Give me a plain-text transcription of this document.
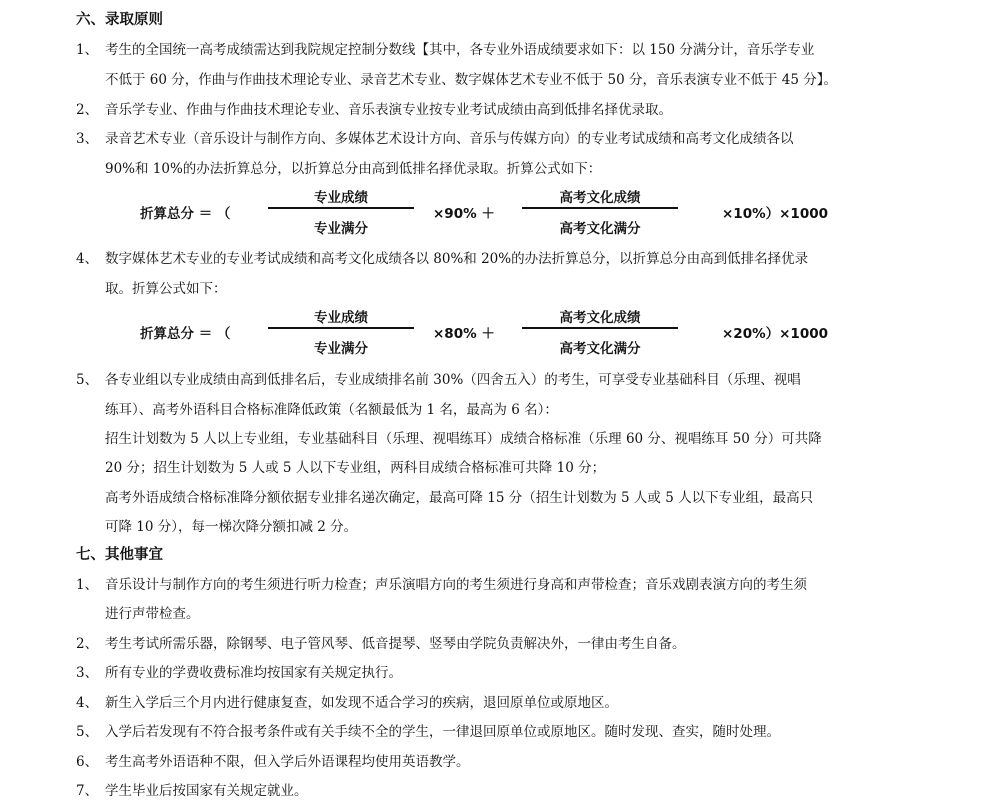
六、录取原则
1、 考生的全国统一高考成绩需达到我院规定控制分数线【其中，各专业外语成绩要求如下：以 150 分满分计，音乐学专业
不低于 60 分，作曲与作曲技术理论专业、录音艺术专业、数字媒体艺术专业不低于 50 分，音乐表演专业不低于 45 分】。
2、 音乐学专业、作曲与作曲技术理论专业、音乐表演专业按专业考试成绩由高到低排名择优录取。
3、 录音艺术专业（音乐设计与制作方向、多媒体艺术设计方向、音乐与传媒方向）的专业考试成绩和高考文化成绩各以
90%和 10%的办法折算总分，以折算总分由高到低排名择优录取。折算公式如下：
折算总分 ＝ （
专业成绩
专业满分
×90% ＋
高考文化成绩
高考文化满分
×10%）×1000
4、 数字媒体艺术专业的专业考试成绩和高考文化成绩各以 80%和 20%的办法折算总分，以折算总分由高到低排名择优录
取。折算公式如下：
折算总分 ＝ （
专业成绩
专业满分
×80% ＋
高考文化成绩
高考文化满分
×20%）×1000
5、 各专业组以专业成绩由高到低排名后，专业成绩排名前 30%（四舍五入）的考生，可享受专业基础科目（乐理、视唱
练耳）、高考外语科目合格标准降低政策（名额最低为 1 名，最高为 6 名）：
招生计划数为 5 人以上专业组，专业基础科目（乐理、视唱练耳）成绩合格标准（乐理 60 分、视唱练耳 50 分）可共降
20 分；招生计划数为 5 人或 5 人以下专业组，两科目成绩合格标准可共降 10 分；
高考外语成绩合格标准降分额依据专业排名递次确定，最高可降 15 分（招生计划数为 5 人或 5 人以下专业组，最高只
可降 10 分），每一梯次降分额扣减 2 分。
七、其他事宜
1、 音乐设计与制作方向的考生须进行听力检查；声乐演唱方向的考生须进行身高和声带检查；音乐戏剧表演方向的考生须
进行声带检查。
2、 考生考试所需乐器，除钢琴、电子管风琴、低音提琴、竖琴由学院负责解决外，一律由考生自备。
3、 所有专业的学费收费标准均按国家有关规定执行。
4、 新生入学后三个月内进行健康复查，如发现不适合学习的疾病，退回原单位或原地区。
5、 入学后若发现有不符合报考条件或有关手续不全的学生，一律退回原单位或原地区。随时发现、查实，随时处理。
6、 考生高考外语语种不限，但入学后外语课程均使用英语教学。
7、 学生毕业后按国家有关规定就业。
